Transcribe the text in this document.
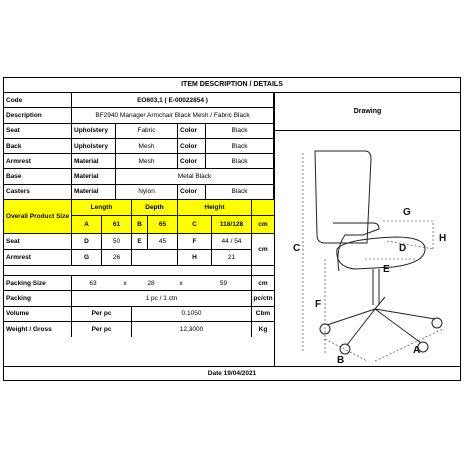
ITEM DESCRIPTION / DETAILS
Code	EO603,1 ( E-00022854 )
Description	BF2940 Manager Armchair Black Mesh / Fabric Black
Seat	Upholstery	Fabric	Color	Black
Back	Upholstery	Mesh	Color	Black
Armrest	Material	Mesh	Color	Black
Base	Material	Metal Black
Casters	Material	Nylon	Color	Black
Overall Product Size
Length	Depth	Height
A	61	B	65	C	118/128	cm
Seat	D	50	E	45	F	44 / 54
Armrest	G	26	H	21
cm
Packing Size	63	x	28	x	59	cm
Packing	1 pc / 1 ctn	pc/ctn
Volume	Per pc	0,1050	Cbm
Weight / Gross	Per pc	12,3000	Kg
Drawing
C
F
G
H
D
E
B
A
Date 19/04/2021
